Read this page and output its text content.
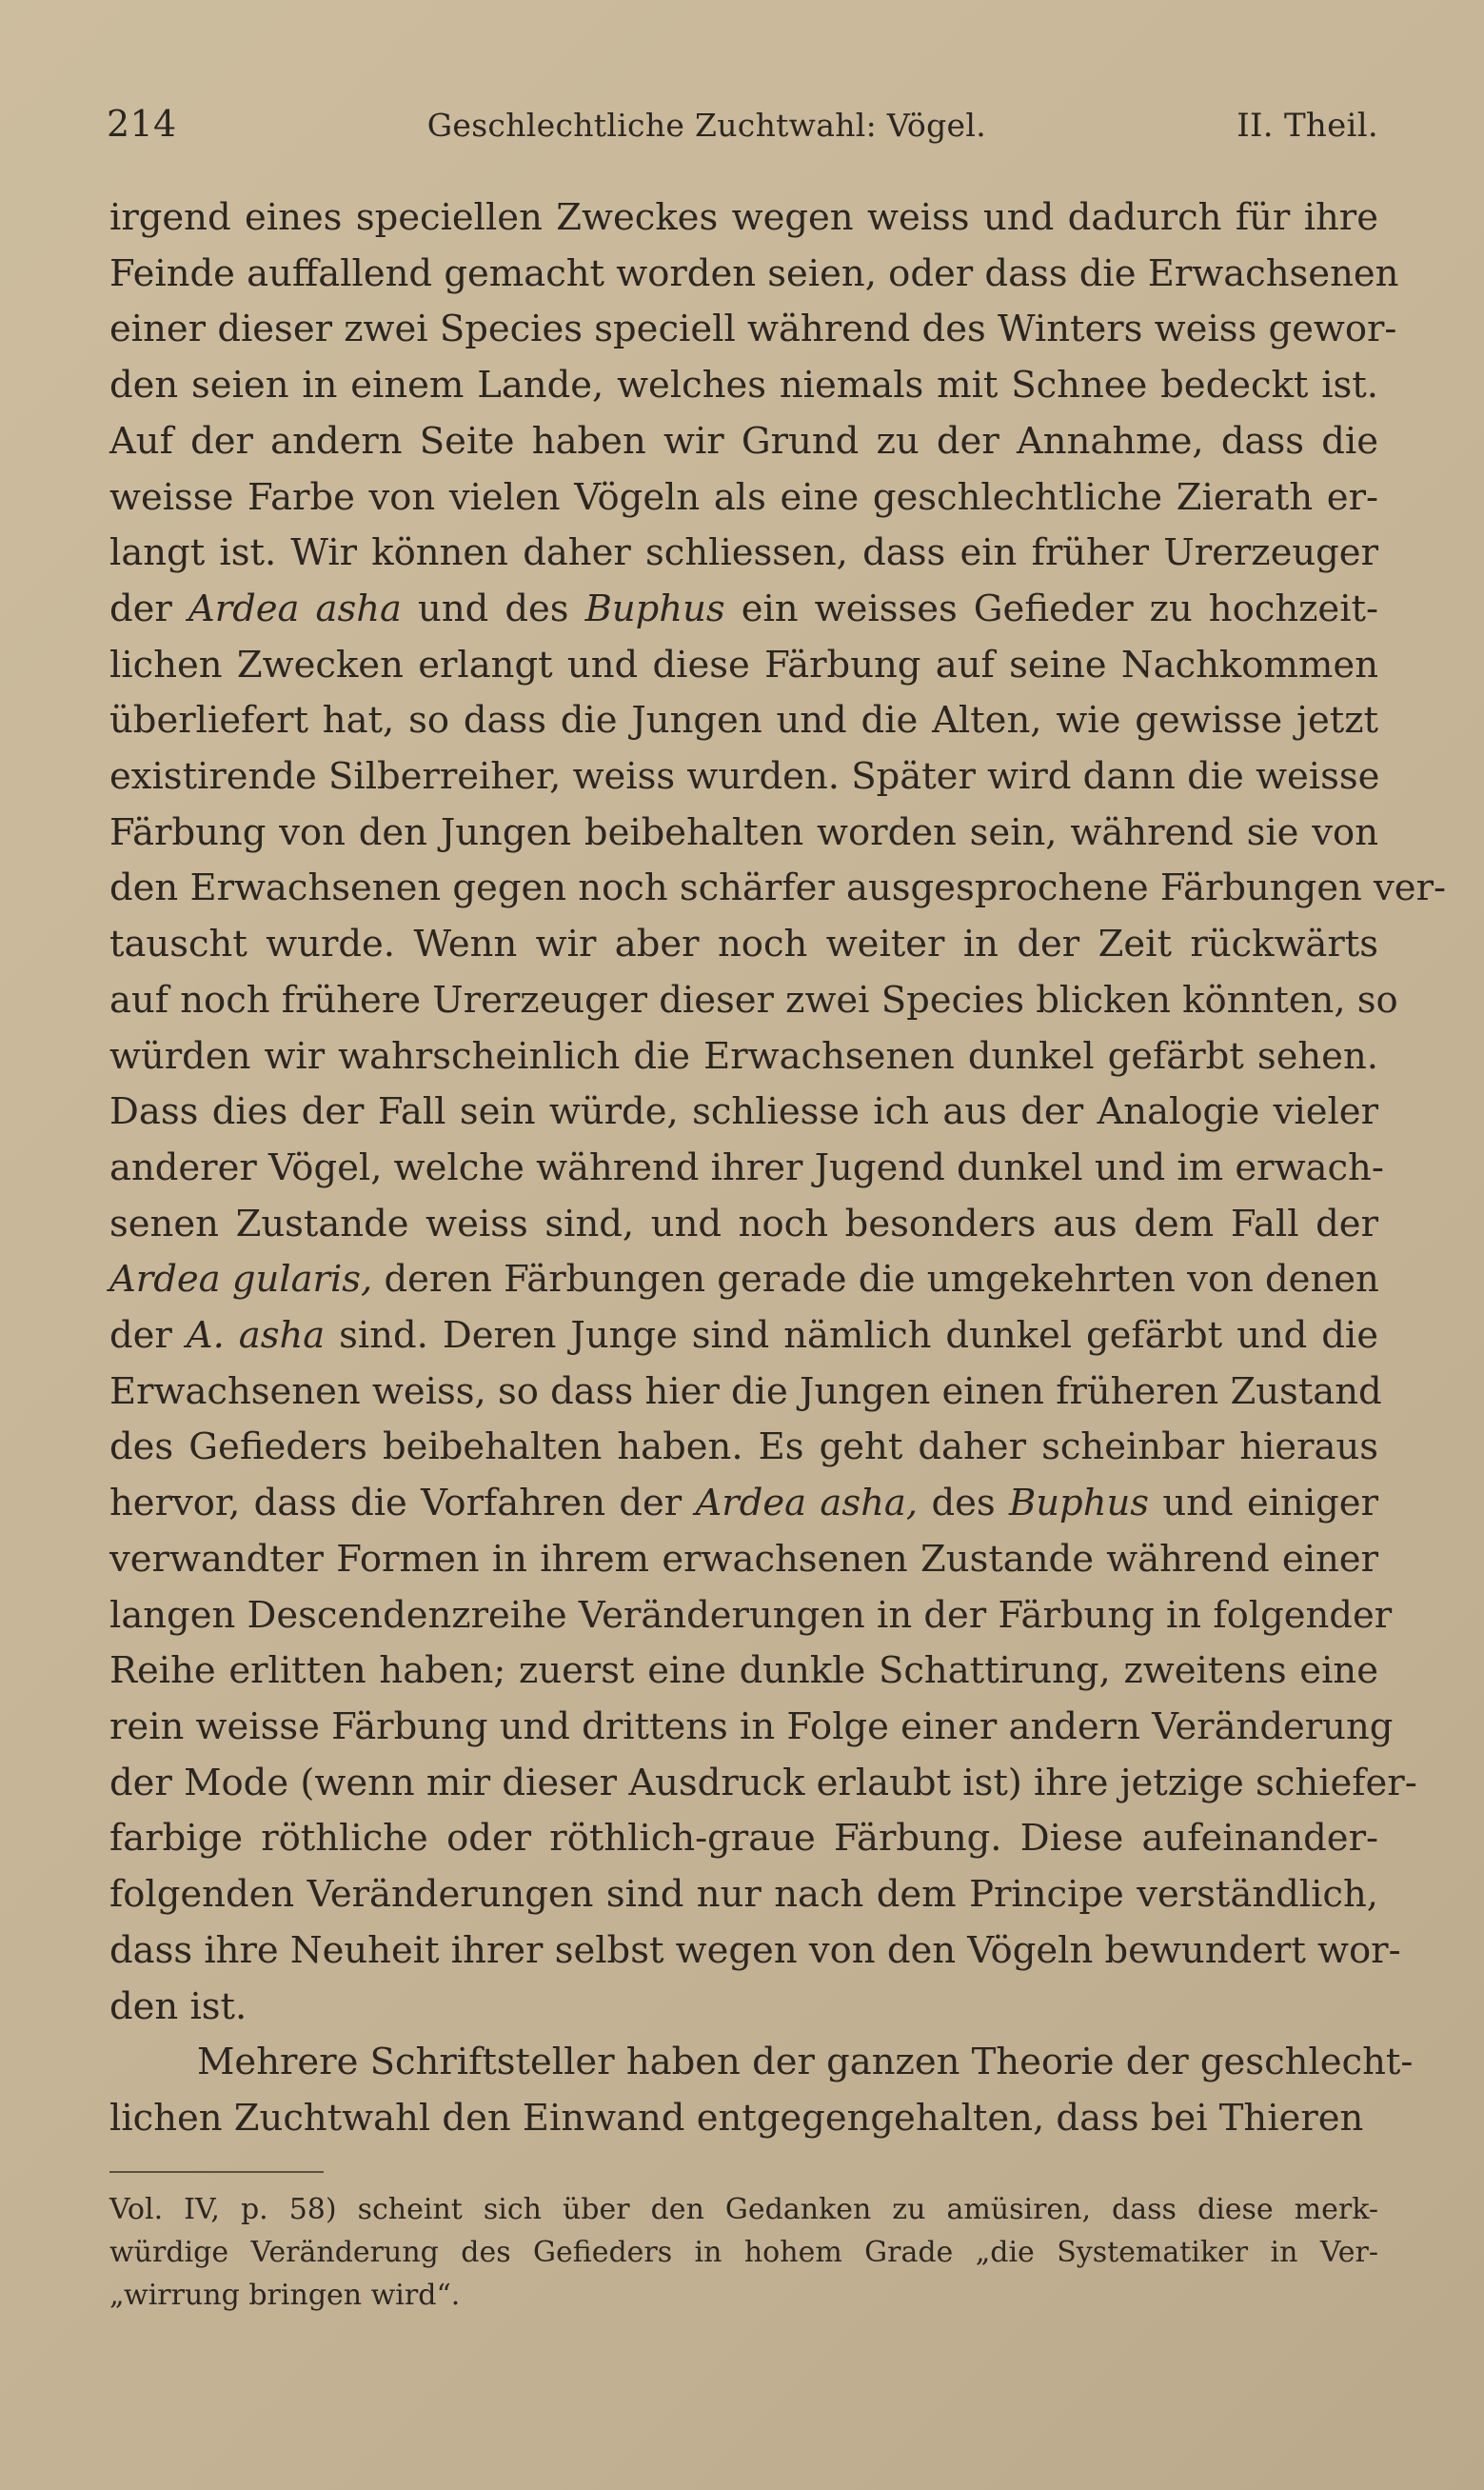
214	Geschlechtliche Zuchtwahl: Vögel.	II. Theil.

irgend eines speciellen Zweckes wegen weiss und dadurch für ihre

Feinde auffallend gemacht worden seien, oder dass die Erwachsenen

einer dieser zwei Species speciell während des Winters weiss gewor-

den seien in einem Lande, welches niemals mit Schnee bedeckt ist.

Auf der andern Seite haben wir Grund zu der Annahme, dass die

weisse Farbe von vielen Vögeln als eine geschlechtliche Zierath er-

langt ist. Wir können daher schliessen, dass ein früher Urerzeuger

der Ardea asha und des Buphus ein weisses Gefieder zu hochzeit-

lichen Zwecken erlangt und diese Färbung auf seine Nachkommen

überliefert hat, so dass die Jungen und die Alten, wie gewisse jetzt

existirende Silberreiher, weiss wurden. Später wird dann die weisse

Färbung von den Jungen beibehalten worden sein, während sie von

den Erwachsenen gegen noch schärfer ausgesprochene Färbungen ver-

tauscht wurde. Wenn wir aber noch weiter in der Zeit rückwärts

auf noch frühere Urerzeuger dieser zwei Species blicken könnten, so

würden wir wahrscheinlich die Erwachsenen dunkel gefärbt sehen.

Dass dies der Fall sein würde, schliesse ich aus der Analogie vieler

anderer Vögel, welche während ihrer Jugend dunkel und im erwach-

senen Zustande weiss sind, und noch besonders aus dem Fall der

Ardea gularis, deren Färbungen gerade die umgekehrten von denen

der A. asha sind. Deren Junge sind nämlich dunkel gefärbt und die

Erwachsenen weiss, so dass hier die Jungen einen früheren Zustand

des Gefieders beibehalten haben. Es geht daher scheinbar hieraus

hervor, dass die Vorfahren der Ardea asha, des Buphus und einiger

verwandter Formen in ihrem erwachsenen Zustande während einer

langen Descendenzreihe Veränderungen in der Färbung in folgender

Reihe erlitten haben; zuerst eine dunkle Schattirung, zweitens eine

rein weisse Färbung und drittens in Folge einer andern Veränderung

der Mode (wenn mir dieser Ausdruck erlaubt ist) ihre jetzige schiefer-

farbige röthliche oder röthlich-graue Färbung. Diese aufeinander-

folgenden Veränderungen sind nur nach dem Principe verständlich,

dass ihre Neuheit ihrer selbst wegen von den Vögeln bewundert wor-

den ist.

Mehrere Schriftsteller haben der ganzen Theorie der geschlecht-

lichen Zuchtwahl den Einwand entgegengehalten, dass bei Thieren

Vol. IV, p. 58) scheint sich über den Gedanken zu amüsiren, dass diese merk-

würdige Veränderung des Gefieders in hohem Grade „die Systematiker in Ver-

„wirrung bringen wird“.
